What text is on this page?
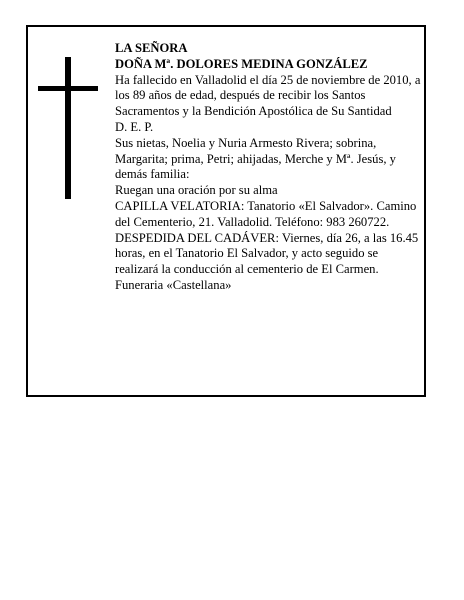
LA SEÑORA

DOÑA Mª. DOLORES MEDINA GONZÁLEZ

Ha fallecido en Valladolid el día 25 de noviembre de 2010, a los 89 años de edad, después de recibir los Santos Sacramentos y la Bendición Apostólica de Su Santidad

D. E. P.

Sus nietas, Noelia y Nuria Armesto Rivera; sobrina, Margarita; prima, Petri; ahijadas, Merche y Mª. Jesús, y demás familia:

Ruegan una oración por su alma

CAPILLA VELATORIA: Tanatorio «El Salvador». Camino del Cementerio, 21. Valladolid. Teléfono: 983 260722.

DESPEDIDA DEL CADÁVER: Viernes, día 26, a las 16.45 horas, en el Tanatorio El Salvador, y acto seguido se realizará la conducción al cementerio de El Carmen.

Funeraria «Castellana»
